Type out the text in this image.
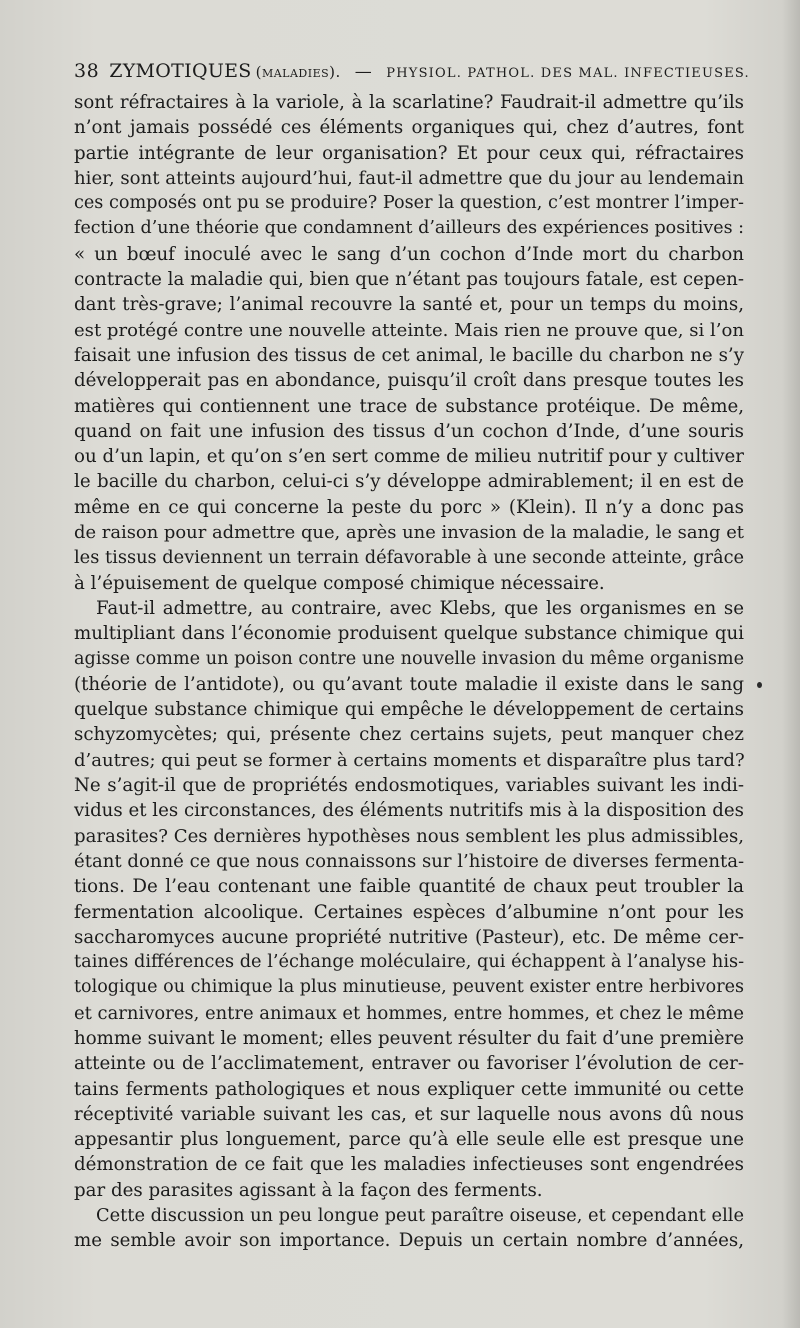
38 ZYMOTIQUES (maladies). — PHYSIOL. PATHOL. DES MAL. INFECTIEUSES.
sont réfractaires à la variole, à la scarlatine? Faudrait-il admettre qu’ils
n’ont jamais possédé ces éléments organiques qui, chez d’autres, font
partie intégrante de leur organisation? Et pour ceux qui, réfractaires
hier, sont atteints aujourd’hui, faut-il admettre que du jour au lendemain
ces composés ont pu se produire? Poser la question, c’est montrer l’imper-
fection d’une théorie que condamnent d’ailleurs des expériences positives :
« un bœuf inoculé avec le sang d’un cochon d’Inde mort du charbon
contracte la maladie qui, bien que n’étant pas toujours fatale, est cepen-
dant très-grave; l’animal recouvre la santé et, pour un temps du moins,
est protégé contre une nouvelle atteinte. Mais rien ne prouve que, si l’on
faisait une infusion des tissus de cet animal, le bacille du charbon ne s’y
développerait pas en abondance, puisqu’il croît dans presque toutes les
matières qui contiennent une trace de substance protéique. De même,
quand on fait une infusion des tissus d’un cochon d’Inde, d’une souris
ou d’un lapin, et qu’on s’en sert comme de milieu nutritif pour y cultiver
le bacille du charbon, celui-ci s’y développe admirablement; il en est de
même en ce qui concerne la peste du porc » (Klein). Il n’y a donc pas
de raison pour admettre que, après une invasion de la maladie, le sang et
les tissus deviennent un terrain défavorable à une seconde atteinte, grâce
à l’épuisement de quelque composé chimique nécessaire.
Faut-il admettre, au contraire, avec Klebs, que les organismes en se
multipliant dans l’économie produisent quelque substance chimique qui
agisse comme un poison contre une nouvelle invasion du même organisme
(théorie de l’antidote), ou qu’avant toute maladie il existe dans le sang
quelque substance chimique qui empêche le développement de certains
schyzomycètes; qui, présente chez certains sujets, peut manquer chez
d’autres; qui peut se former à certains moments et disparaître plus tard?
Ne s’agit-il que de propriétés endosmotiques, variables suivant les indi-
vidus et les circonstances, des éléments nutritifs mis à la disposition des
parasites? Ces dernières hypothèses nous semblent les plus admissibles,
étant donné ce que nous connaissons sur l’histoire de diverses fermenta-
tions. De l’eau contenant une faible quantité de chaux peut troubler la
fermentation alcoolique. Certaines espèces d’albumine n’ont pour les
saccharomyces aucune propriété nutritive (Pasteur), etc. De même cer-
taines différences de l’échange moléculaire, qui échappent à l’analyse his-
tologique ou chimique la plus minutieuse, peuvent exister entre herbivores
et carnivores, entre animaux et hommes, entre hommes, et chez le même
homme suivant le moment; elles peuvent résulter du fait d’une première
atteinte ou de l’acclimatement, entraver ou favoriser l’évolution de cer-
tains ferments pathologiques et nous expliquer cette immunité ou cette
réceptivité variable suivant les cas, et sur laquelle nous avons dû nous
appesantir plus longuement, parce qu’à elle seule elle est presque une
démonstration de ce fait que les maladies infectieuses sont engendrées
par des parasites agissant à la façon des ferments.
Cette discussion un peu longue peut paraître oiseuse, et cependant elle
me semble avoir son importance. Depuis un certain nombre d’années,
